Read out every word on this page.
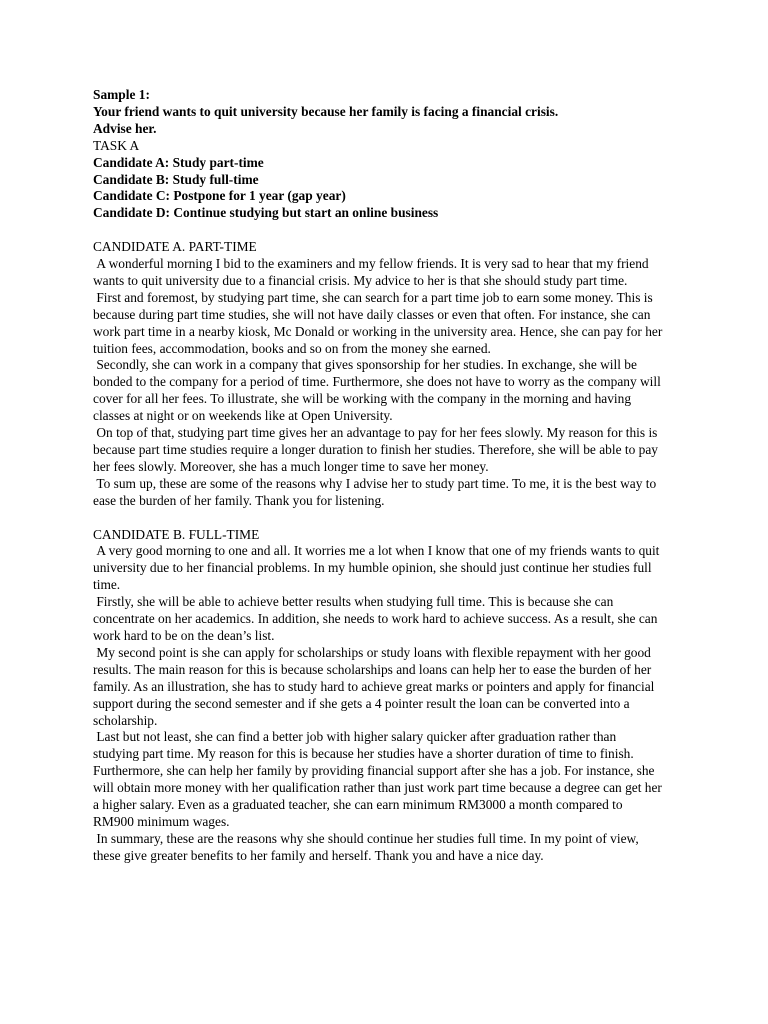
Sample 1:
Your friend wants to quit university because her family is facing a financial crisis.
Advise her.
TASK A
Candidate A: Study part-time
Candidate B: Study full-time
Candidate C: Postpone for 1 year (gap year)
Candidate D: Continue studying but start an online business
CANDIDATE A. PART-TIME

A wonderful morning I bid to the examiners and my fellow friends. It is very sad to hear that my friend wants to quit university due to a financial crisis. My advice to her is that she should study part time.

First and foremost, by studying part time, she can search for a part time job to earn some money. This is because during part time studies, she will not have daily classes or even that often. For instance, she can work part time in a nearby kiosk, Mc Donald or working in the university area. Hence, she can pay for her tuition fees, accommodation, books and so on from the money she earned.

Secondly, she can work in a company that gives sponsorship for her studies. In exchange, she will be bonded to the company for a period of time. Furthermore, she does not have to worry as the company will cover for all her fees. To illustrate, she will be working with the company in the morning and having classes at night or on weekends like at Open University.

On top of that, studying part time gives her an advantage to pay for her fees slowly. My reason for this is because part time studies require a longer duration to finish her studies. Therefore, she will be able to pay her fees slowly. Moreover, she has a much longer time to save her money.

To sum up, these are some of the reasons why I advise her to study part time. To me, it is the best way to ease the burden of her family. Thank you for listening.

CANDIDATE B. FULL-TIME

A very good morning to one and all. It worries me a lot when I know that one of my friends wants to quit university due to her financial problems. In my humble opinion, she should just continue her studies full time.

Firstly, she will be able to achieve better results when studying full time. This is because she can concentrate on her academics. In addition, she needs to work hard to achieve success. As a result, she can work hard to be on the dean’s list.

My second point is she can apply for scholarships or study loans with flexible repayment with her good results. The main reason for this is because scholarships and loans can help her to ease the burden of her family. As an illustration, she has to study hard to achieve great marks or pointers and apply for financial support during the second semester and if she gets a 4 pointer result the loan can be converted into a scholarship.

Last but not least, she can find a better job with higher salary quicker after graduation rather than studying part time. My reason for this is because her studies have a shorter duration of time to finish. Furthermore, she can help her family by providing financial support after she has a job. For instance, she will obtain more money with her qualification rather than just work part time because a degree can get her a higher salary. Even as a graduated teacher, she can earn minimum RM3000 a month compared to RM900 minimum wages.

In summary, these are the reasons why she should continue her studies full time. In my point of view, these give greater benefits to her family and herself. Thank you and have a nice day.
